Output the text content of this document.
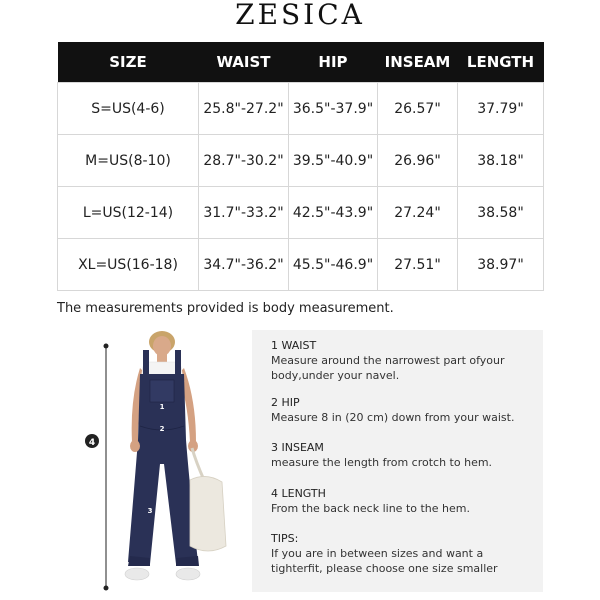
ZESICA
SIZE	WAIST	HIP	INSEAM	LENGTH
S=US(4-6)	25.8"-27.2"	36.5"-37.9"	26.57"	37.79"
M=US(8-10)	28.7"-30.2"	39.5"-40.9"	26.96"	38.18"
L=US(12-14)	31.7"-33.2"	42.5"-43.9"	27.24"	38.58"
XL=US(16-18)	34.7"-36.2"	45.5"-46.9"	27.51"	38.97"
The measurements provided is body measurement.
4
1
2
3
1 WAIST
Measure around the narrowest part ofyour body,under your navel.
2 HIP
Measure 8 in (20 cm) down from your waist.
3 INSEAM
measure the length from crotch to hem.
4 LENGTH
From the back neck line to the hem.
TIPS:
If you are in between sizes and want a tighterfit, please choose one size smaller
